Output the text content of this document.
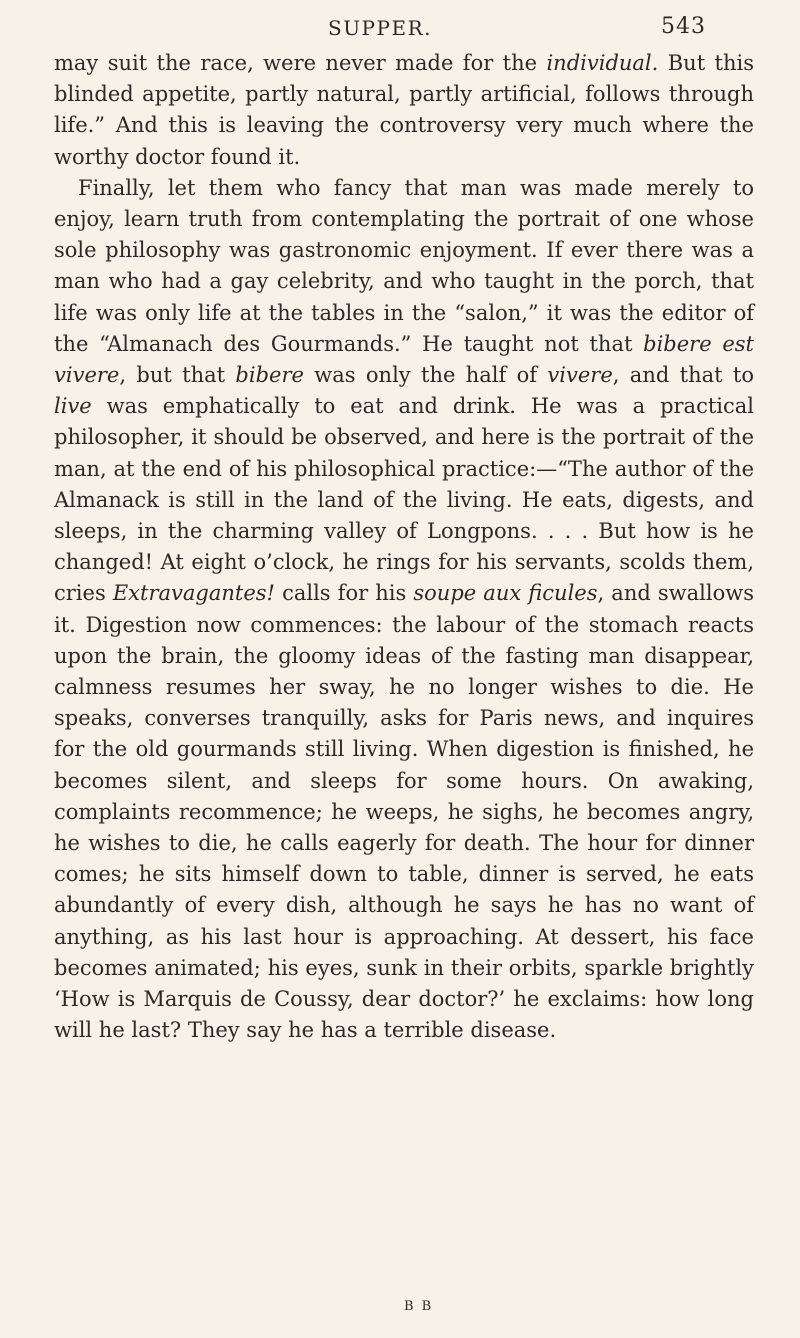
SUPPER.	543

may suit the race, were never made for the individual. But this blinded appetite, partly natural, partly artificial, follows through life.” And this is leaving the controversy very much where the worthy doctor found it.

Finally, let them who fancy that man was made merely to enjoy, learn truth from contemplating the portrait of one whose sole philosophy was gastronomic enjoyment. If ever there was a man who had a gay celebrity, and who taught in the porch, that life was only life at the tables in the “salon,” it was the editor of the “Almanach des Gourmands.” He taught not that bibere est vivere, but that bibere was only the half of vivere, and that to live was emphatically to eat and drink. He was a practical philosopher, it should be observed, and here is the portrait of the man, at the end of his philosophical practice:—“The author of the Almanack is still in the land of the living. He eats, digests, and sleeps, in the charming valley of Longpons. . . . But how is he changed! At eight o’clock, he rings for his servants, scolds them, cries Extravagantes! calls for his soupe aux ficules, and swallows it. Digestion now commences: the labour of the stomach reacts upon the brain, the gloomy ideas of the fasting man disappear, calmness resumes her sway, he no longer wishes to die. He speaks, converses tranquilly, asks for Paris news, and inquires for the old gourmands still living. When digestion is finished, he becomes silent, and sleeps for some hours. On awaking, complaints recommence; he weeps, he sighs, he becomes angry, he wishes to die, he calls eagerly for death. The hour for dinner comes; he sits himself down to table, dinner is served, he eats abundantly of every dish, although he says he has no want of anything, as his last hour is approaching. At dessert, his face becomes animated; his eyes, sunk in their orbits, sparkle brightly ‘How is Marquis de Coussy, dear doctor?’ he exclaims: how long will he last? They say he has a terrible disease.

B B
